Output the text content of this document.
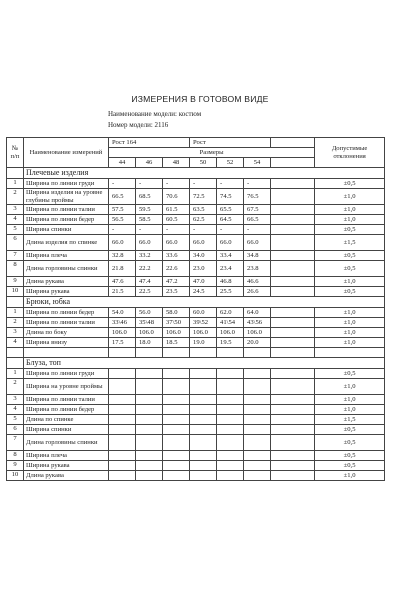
ИЗМЕРЕНИЯ В ГОТОВОМ ВИДЕ
Наименование модели: костюм
Номер модели: 2116
№ п/п	Наименование измерений	Рост 164			Рост				Допустимые отклонения
		Размеры							
		44	46	48	50	52	54		
	Плечевые изделия								
1	Ширина по линии груди	-	-	-	-	-	-		±0,5
2	Ширина изделия на уровне глубины проймы	66.5	68.5	70.6	72.5	74.5	76.5		±1,0
3	Ширина по линии талии	57.5	59.5	61.5	63.5	65.5	67.5		±1,0
4	Ширина по линии бедер	56.5	58.5	60.5	62.5	64.5	66.5		±1,0
5	Ширина спинки	-	-	-	-	-	-		±0,5
6	Длина изделия по спинке	66.0	66.0	66.0	66.0	66.0	66.0		±1,5
7	Ширина плеча	32.8	33.2	33.6	34.0	33.4	34.8		±0,5
8	Длина горловины спинки	21.8	22.2	22.6	23.0	23.4	23.8		±0,5
9	Длина рукава	47.6	47.4	47.2	47.0	46.8	46.6		±1,0
10	Ширина рукава	21.5	22.5	23.5	24.5	25.5	26.6		±0,5
	Брюки, юбка								
1	Ширина по линии бедер	54.0	56.0	58.0	60.0	62.0	64.0		±1,0
2	Ширина по линии талии	33\46	35\48	37\50	39\52	41\54	43\56		±1,0
3	Длина по боку	106.0	106.0	106.0	106.0	106.0	106.0		±1,0
4	Ширина внизу	17.5	18.0	18.5	19.0	19.5	20.0		±1,0

	Блуза, топ								
1	Ширина по линии груди								±0,5
2	Ширина на уровне проймы								±1,0
3	Ширина по линии талии								±1,0
4	Ширина по линии бедер								±1,0
5	Длина по спинке								±1,5
6	Ширина спинки								±0,5
7	Длина горловины спинки								±0,5
8	Ширина плеча								±0,5
9	Ширина рукава								±0,5
10	Длина рукава								±1,0
